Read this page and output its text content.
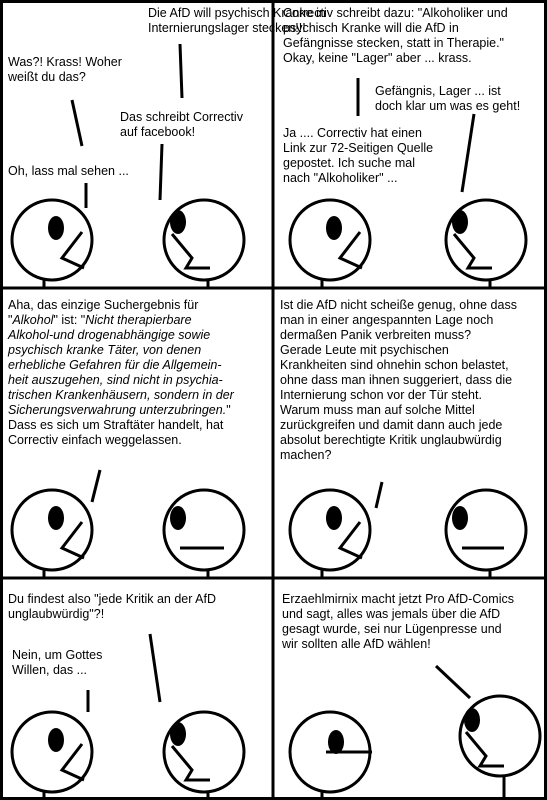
Die AfD will psychisch Kranke in
Internierungslager stecken!!!
Was?! Krass! Woher
weißt du das?
Das schreibt Correctiv
auf facebook!
Oh, lass mal sehen ...
Correctiv schreibt dazu: "Alkoholiker und
psychisch Kranke will die AfD in
Gefängnisse stecken, statt in Therapie."
Okay, keine "Lager" aber ... krass.
Gefängnis, Lager ... ist
doch klar um was es geht!
Ja .... Correctiv hat einen
Link zur 72-Seitigen Quelle
gepostet. Ich suche mal
nach "Alkoholiker" ...
Aha, das einzige Suchergebnis für
"Alkohol" ist: "Nicht therapierbare
Alkohol-und drogenabhängige sowie
psychisch kranke Täter, von denen
erhebliche Gefahren für die Allgemein-
heit auszugehen, sind nicht in psychia-
trischen Krankenhäusern, sondern in der
Sicherungsverwahrung unterzubringen."
Dass es sich um Straftäter handelt, hat
Correctiv einfach weggelassen.
Ist die AfD nicht scheiße genug, ohne dass
man in einer angespannten Lage noch
dermaßen Panik verbreiten muss?
Gerade Leute mit psychischen
Krankheiten sind ohnehin schon belastet,
ohne dass man ihnen suggeriert, dass die
Internierung schon vor der Tür steht.
Warum muss man auf solche Mittel
zurückgreifen und damit dann auch jede
absolut berechtigte Kritik unglaubwürdig
machen?
Du findest also "jede Kritik an der AfD
unglaubwürdig"?!
Nein, um Gottes
Willen, das ...
Erzaehlmirnix macht jetzt Pro AfD-Comics
und sagt, alles was jemals über die AfD
gesagt wurde, sei nur Lügenpresse und
wir sollten alle AfD wählen!
